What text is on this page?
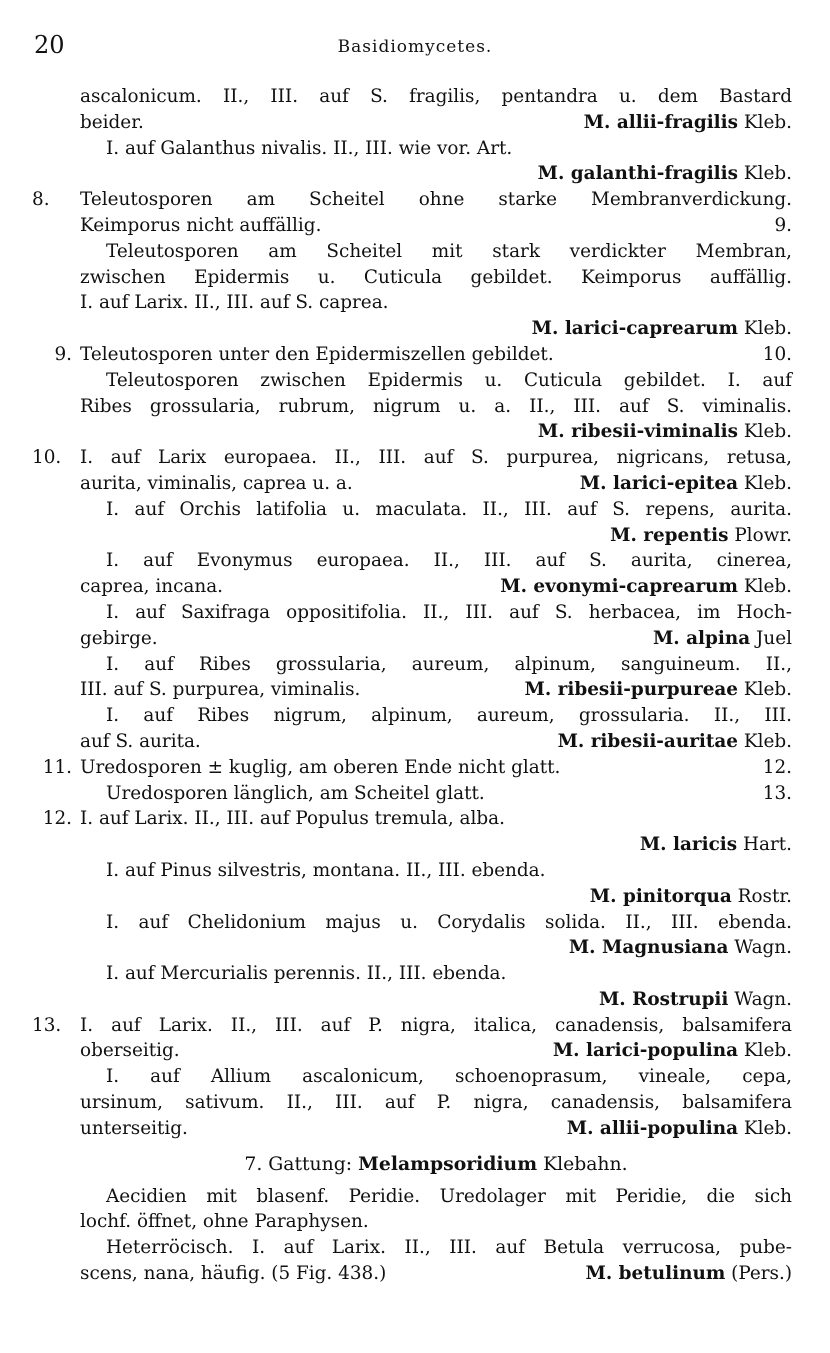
20	Basidiomycetes.
ascalonicum. II., III. auf S. fragilis, pentandra u. dem Bastard
beider.	M. allii-fragilis Kleb.
I. auf Galanthus nivalis. II., III. wie vor. Art.
M. galanthi-fragilis Kleb.
8.	Teleutosporen am Scheitel ohne starke Membranverdickung.
Keimporus nicht auffällig.	9.
Teleutosporen am Scheitel mit stark verdickter Membran,
zwischen Epidermis u. Cuticula gebildet. Keimporus auffällig.
I. auf Larix. II., III. auf S. caprea.
M. larici-caprearum Kleb.
9. Teleutosporen unter den Epidermiszellen gebildet.	10.
Teleutosporen zwischen Epidermis u. Cuticula gebildet. I. auf
Ribes grossularia, rubrum, nigrum u. a. II., III. auf S. viminalis.
M. ribesii-viminalis Kleb.
10.	I. auf Larix europaea. II., III. auf S. purpurea, nigricans, retusa,
aurita, viminalis, caprea u. a.	M. larici-epitea Kleb.
I. auf Orchis latifolia u. maculata. II., III. auf S. repens, aurita.
M. repentis Plowr.
I. auf Evonymus europaea. II., III. auf S. aurita, cinerea,
caprea, incana.	M. evonymi-caprearum Kleb.
I. auf Saxifraga oppositifolia. II., III. auf S. herbacea, im Hoch-
gebirge.	M. alpina Juel
I. auf Ribes grossularia, aureum, alpinum, sanguineum. II.,
III. auf S. purpurea, viminalis.	M. ribesii-purpureae Kleb.
I. auf Ribes nigrum, alpinum, aureum, grossularia. II., III.
auf S. aurita.	M. ribesii-auritae Kleb.
11. Uredosporen ± kuglig, am oberen Ende nicht glatt.	12.
Uredosporen länglich, am Scheitel glatt.	13.
12. I. auf Larix. II., III. auf Populus tremula, alba.
M. laricis Hart.
I. auf Pinus silvestris, montana. II., III. ebenda.
M. pinitorqua Rostr.
I. auf Chelidonium majus u. Corydalis solida. II., III. ebenda.
M. Magnusiana Wagn.
I. auf Mercurialis perennis. II., III. ebenda.
M. Rostrupii Wagn.
13.	I. auf Larix. II., III. auf P. nigra, italica, canadensis, balsamifera
oberseitig.	M. larici-populina Kleb.
I. auf Allium ascalonicum, schoenoprasum, vineale, cepa,
ursinum, sativum. II., III. auf P. nigra, canadensis, balsamifera
unterseitig.	M. allii-populina Kleb.
7. Gattung: Melampsoridium Klebahn.
Aecidien mit blasenf. Peridie. Uredolager mit Peridie, die sich
lochf. öffnet, ohne Paraphysen.
Heterröcisch. I. auf Larix. II., III. auf Betula verrucosa, pube-
scens, nana, häufig. (5 Fig. 438.)	M. betulinum (Pers.)
